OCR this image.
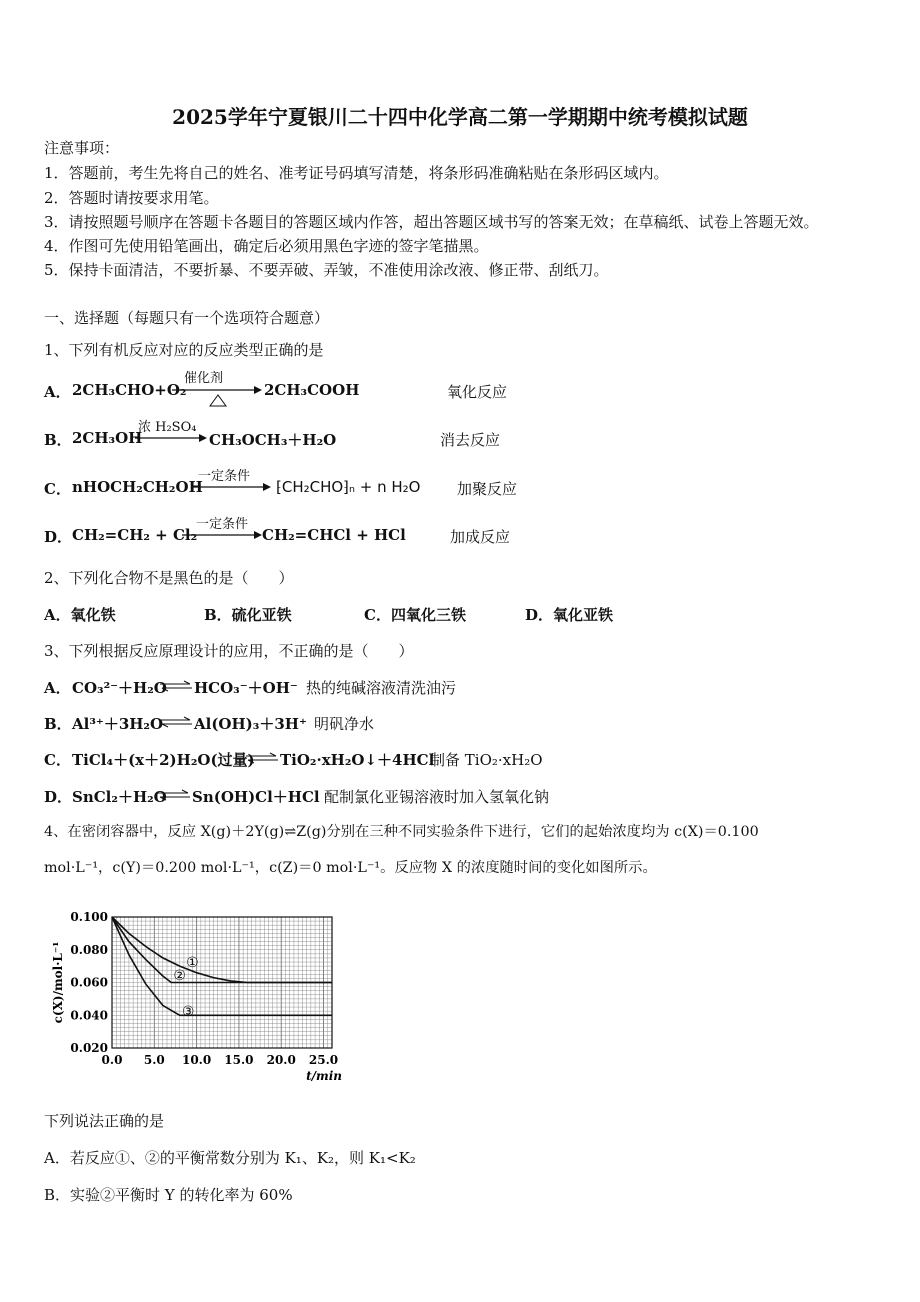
2025学年宁夏银川二十四中化学高二第一学期期中统考模拟试题
注意事项：
1．答题前，考生先将自己的姓名、准考证号码填写清楚，将条形码准确粘贴在条形码区域内。
2．答题时请按要求用笔。
3．请按照题号顺序在答题卡各题目的答题区域内作答，超出答题区域书写的答案无效；在草稿纸、试卷上答题无效。
4．作图可先使用铅笔画出，确定后必须用黑色字迹的签字笔描黑。
5．保持卡面清洁，不要折暴、不要弄破、弄皱，不准使用涂改液、修正带、刮纸刀。
一、选择题（每题只有一个选项符合题意）
1、下列有机反应对应的反应类型正确的是
A． 2CH₃CHO+O₂
催化剂
2CH₃COOH	氧化反应
B． 2CH₃OH
浓 H₂SO₄
CH₃OCH₃＋H₂O	消去反应
C． nHOCH₂CH₂OH
一定条件
⁅CH₂CHO⁆ₙ + n H₂O 加聚反应
D． CH₂=CH₂ + Cl₂
一定条件
CH₂=CHCl + HCl	加成反应
2、下列化合物不是黑色的是（　　）
A．氧化铁	B．硫化亚铁	C．四氧化三铁	D．氧化亚铁
3、下列根据反应原理设计的应用，不正确的是（　　）
A． CO₃²⁻＋H₂O HCO₃⁻＋OH⁻ 热的纯碱溶液清洗油污
B． Al³⁺＋3H₂O Al(OH)₃＋3H⁺ 明矾净水
C． TiCl₄＋(x＋2)H₂O(过量) TiO₂·xH₂O↓＋4HCl
制备 TiO₂·xH₂O
D． SnCl₂＋H₂O Sn(OH)Cl＋HCl 配制氯化亚锡溶液时加入氢氧化钠
4、在密闭容器中，反应 X(g)＋2Y(g)⇌Z(g)分别在三种不同实验条件下进行，它们的起始浓度均为 c(X)＝0.100
mol·L⁻¹，c(Y)＝0.200 mol·L⁻¹，c(Z)＝0 mol·L⁻¹。反应物 X 的浓度随时间的变化如图所示。
0.100
0.080
0.060
0.040
0.020
0.0 5.0 10.0 15.0 20.0 25.0
t/min
c(X)/mol·L⁻¹	①
②
③
下列说法正确的是
A．若反应①、②的平衡常数分别为 K₁、K₂，则 K₁<K₂
B．实验②平衡时 Y 的转化率为 60%
